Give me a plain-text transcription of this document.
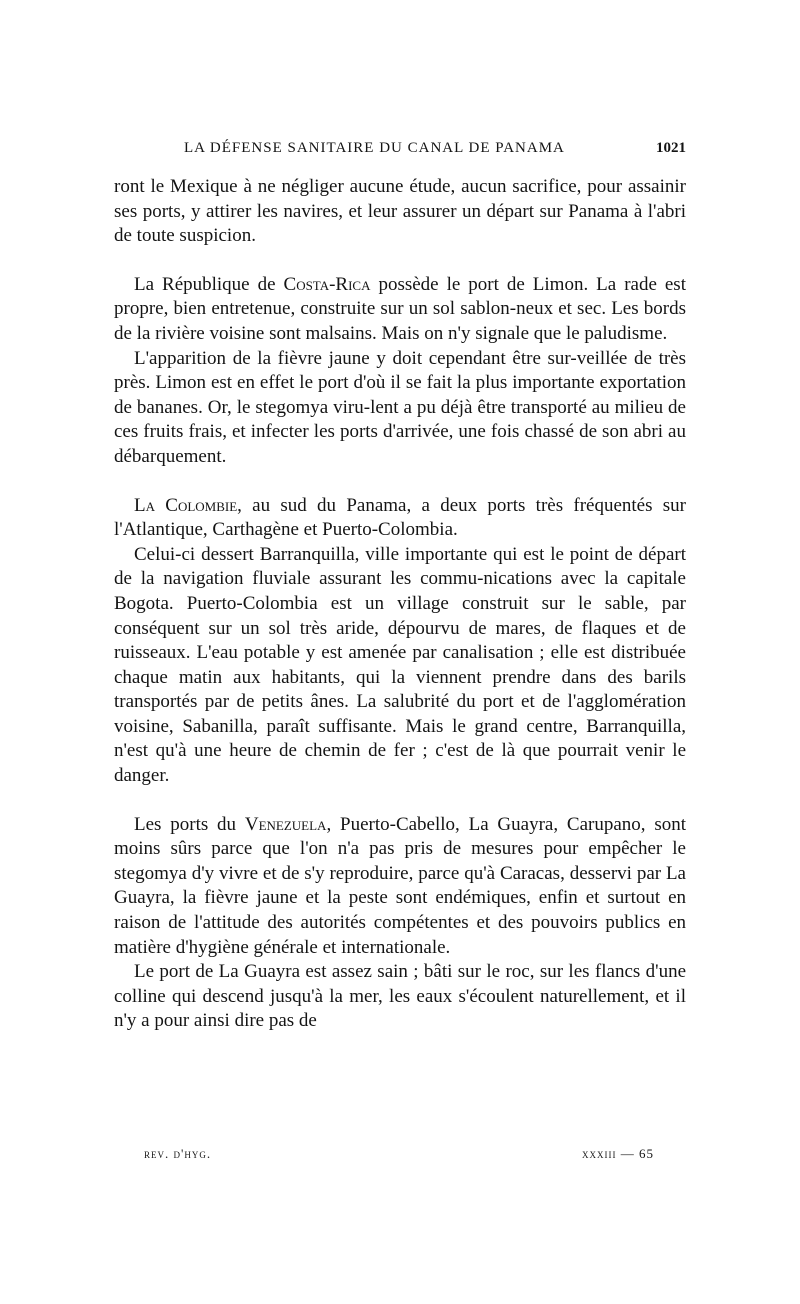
LA DÉFENSE SANITAIRE DU CANAL DE PANAMA	1021

ront le Mexique à ne négliger aucune étude, aucun sacrifice, pour assainir ses ports, y attirer les navires, et leur assurer un départ sur Panama à l'abri de toute suspicion.

La République de Costa-Rica possède le port de Limon. La rade est propre, bien entretenue, construite sur un sol sablon-neux et sec. Les bords de la rivière voisine sont malsains. Mais on n'y signale que le paludisme.

L'apparition de la fièvre jaune y doit cependant être sur-veillée de très près. Limon est en effet le port d'où il se fait la plus importante exportation de bananes. Or, le stegomya viru-lent a pu déjà être transporté au milieu de ces fruits frais, et infecter les ports d'arrivée, une fois chassé de son abri au débarquement.

La Colombie, au sud du Panama, a deux ports très fréquentés sur l'Atlantique, Carthagène et Puerto-Colombia.

Celui-ci dessert Barranquilla, ville importante qui est le point de départ de la navigation fluviale assurant les commu-nications avec la capitale Bogota. Puerto-Colombia est un village construit sur le sable, par conséquent sur un sol très aride, dépourvu de mares, de flaques et de ruisseaux. L'eau potable y est amenée par canalisation ; elle est distribuée chaque matin aux habitants, qui la viennent prendre dans des barils transportés par de petits ânes. La salubrité du port et de l'agglomération voisine, Sabanilla, paraît suffisante. Mais le grand centre, Barranquilla, n'est qu'à une heure de chemin de fer ; c'est de là que pourrait venir le danger.

Les ports du Venezuela, Puerto-Cabello, La Guayra, Carupano, sont moins sûrs parce que l'on n'a pas pris de mesures pour empêcher le stegomya d'y vivre et de s'y reproduire, parce qu'à Caracas, desservi par La Guayra, la fièvre jaune et la peste sont endémiques, enfin et surtout en raison de l'attitude des autorités compétentes et des pouvoirs publics en matière d'hygiène générale et internationale.

Le port de La Guayra est assez sain ; bâti sur le roc, sur les flancs d'une colline qui descend jusqu'à la mer, les eaux s'écoulent naturellement, et il n'y a pour ainsi dire pas de

rev. d'hyg.	xxxiii — 65
